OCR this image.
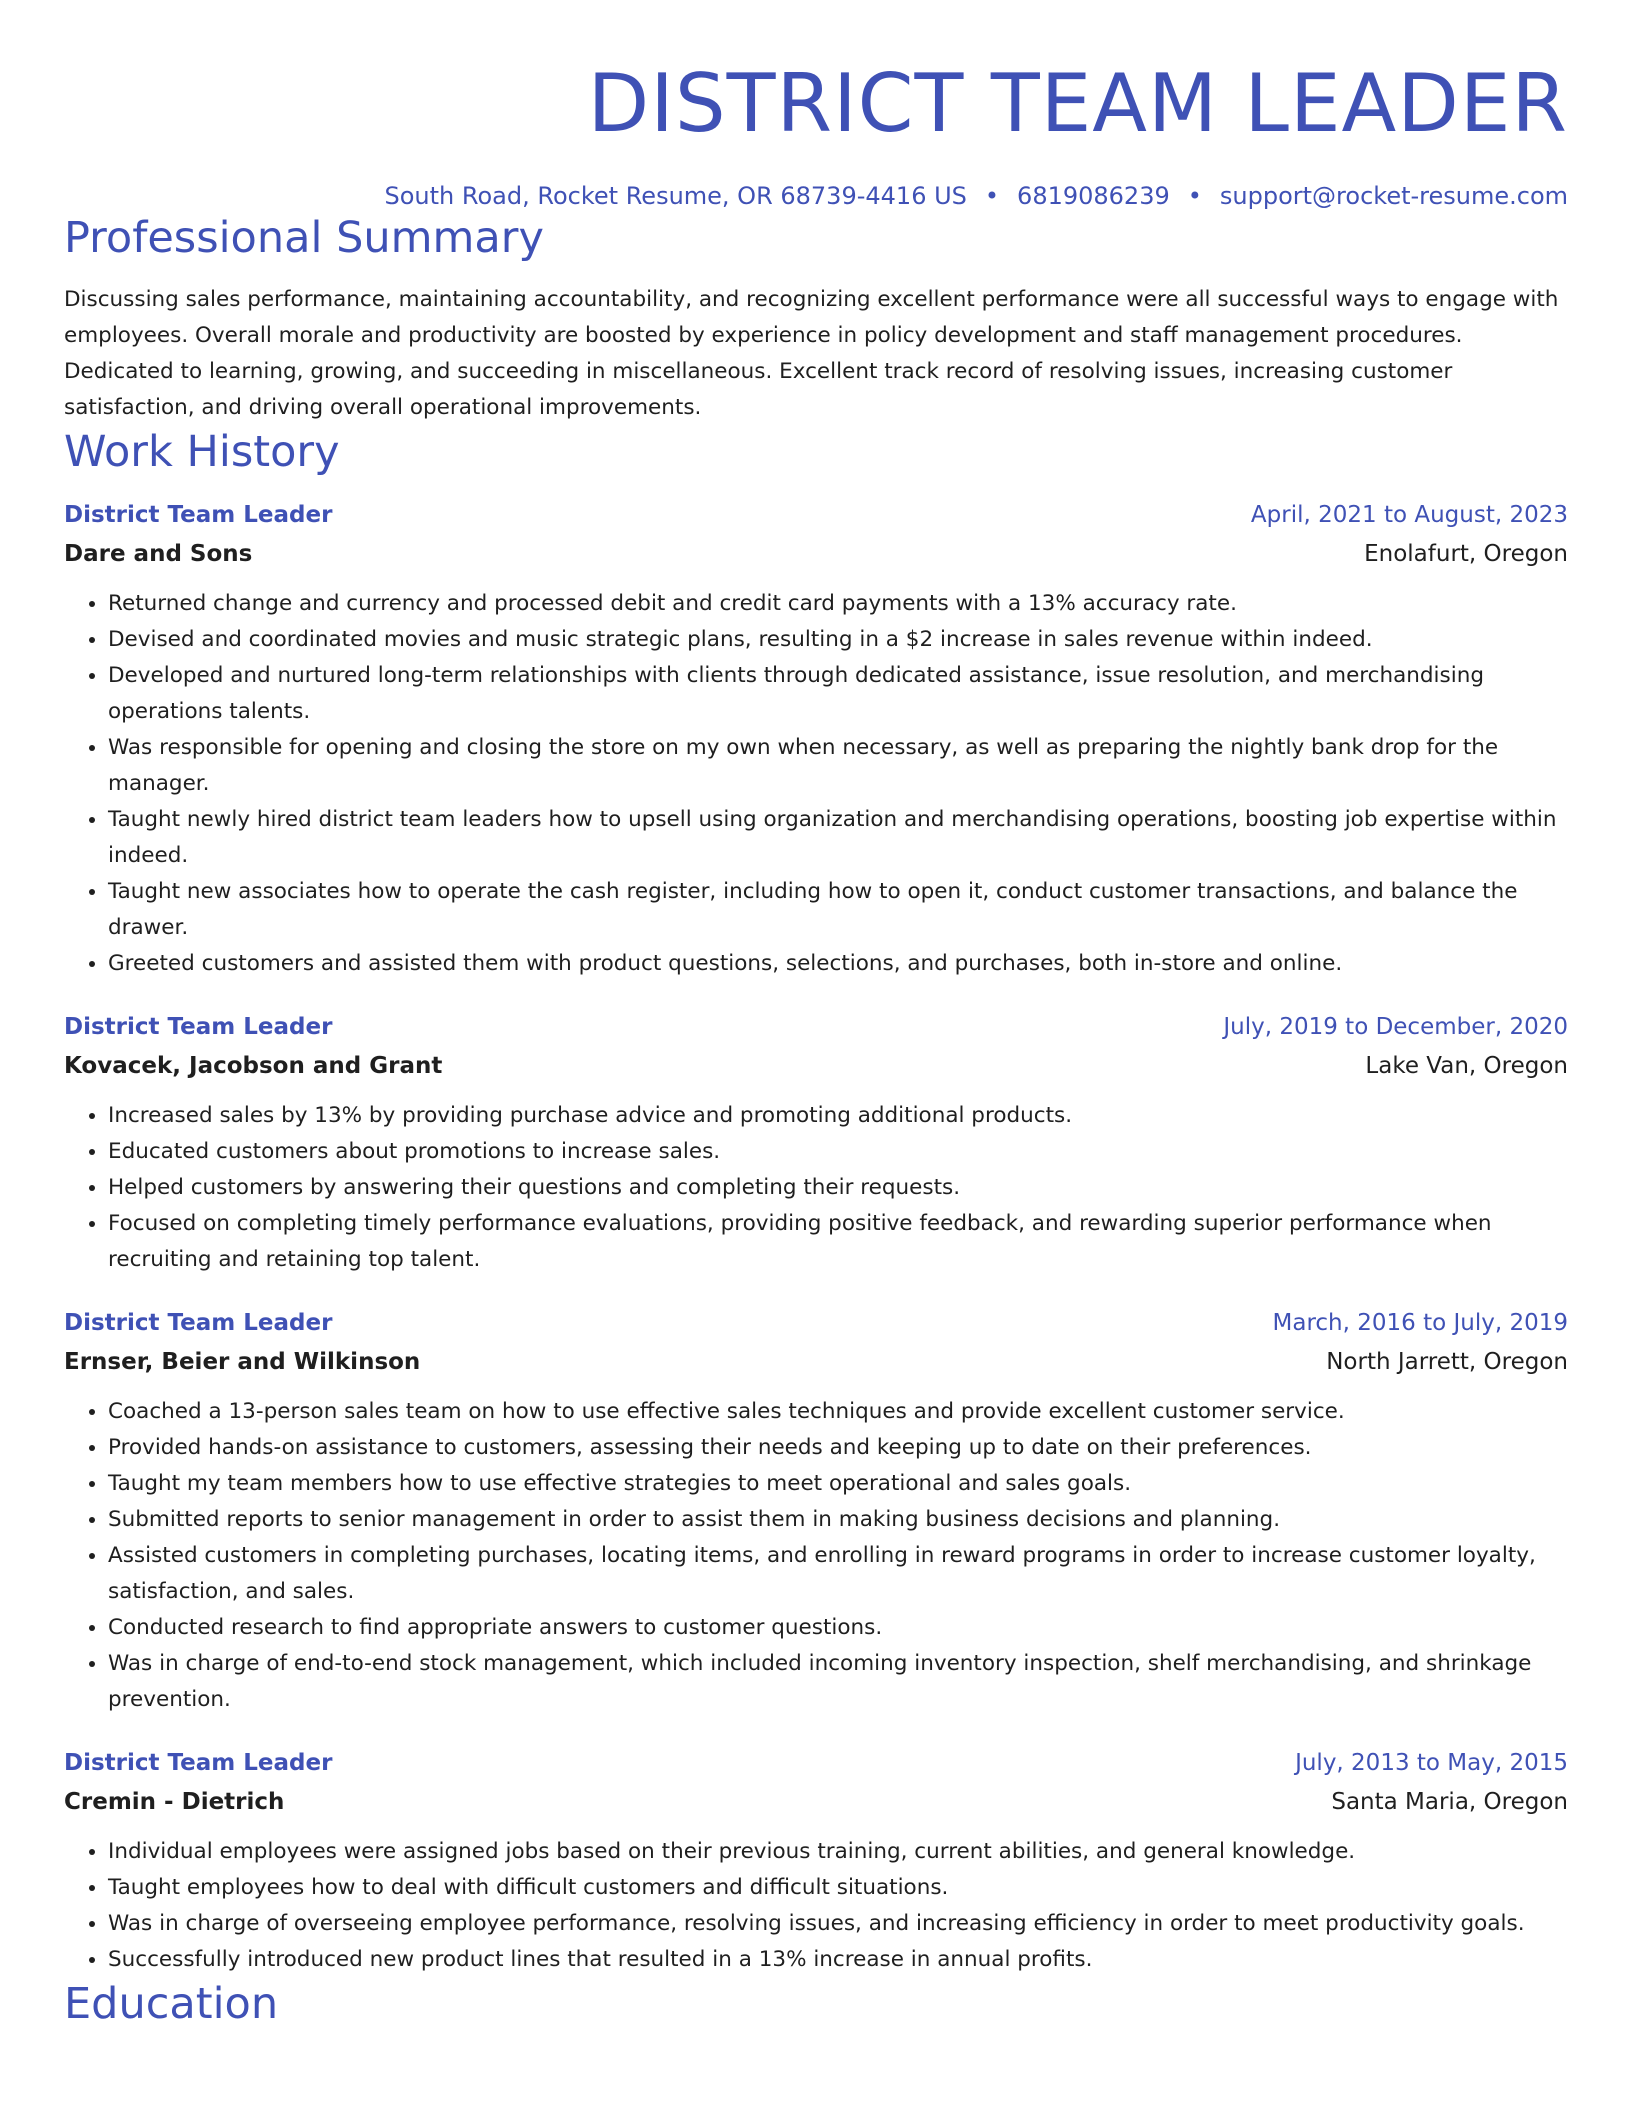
DISTRICT TEAM LEADER
South Road, Rocket Resume, OR 68739-4416 US • 6819086239 • support@rocket-resume.com
Professional Summary
Discussing sales performance, maintaining accountability, and recognizing excellent performance were all successful ways to engage with employees. Overall morale and productivity are boosted by experience in policy development and staff management procedures. Dedicated to learning, growing, and succeeding in miscellaneous. Excellent track record of resolving issues, increasing customer satisfaction, and driving overall operational improvements.
Work History
District Team Leader	April, 2021 to August, 2023
Dare and Sons	Enolafurt, Oregon
• Returned change and currency and processed debit and credit card payments with a 13% accuracy rate.
• Devised and coordinated movies and music strategic plans, resulting in a $2 increase in sales revenue within indeed.
• Developed and nurtured long-term relationships with clients through dedicated assistance, issue resolution, and merchandising operations talents.
• Was responsible for opening and closing the store on my own when necessary, as well as preparing the nightly bank drop for the manager.
• Taught newly hired district team leaders how to upsell using organization and merchandising operations, boosting job expertise within indeed.
• Taught new associates how to operate the cash register, including how to open it, conduct customer transactions, and balance the drawer.
• Greeted customers and assisted them with product questions, selections, and purchases, both in-store and online.
District Team Leader	July, 2019 to December, 2020
Kovacek, Jacobson and Grant	Lake Van, Oregon
• Increased sales by 13% by providing purchase advice and promoting additional products.
• Educated customers about promotions to increase sales.
• Helped customers by answering their questions and completing their requests.
• Focused on completing timely performance evaluations, providing positive feedback, and rewarding superior performance when recruiting and retaining top talent.
District Team Leader	March, 2016 to July, 2019
Ernser, Beier and Wilkinson	North Jarrett, Oregon
• Coached a 13-person sales team on how to use effective sales techniques and provide excellent customer service.
• Provided hands-on assistance to customers, assessing their needs and keeping up to date on their preferences.
• Taught my team members how to use effective strategies to meet operational and sales goals.
• Submitted reports to senior management in order to assist them in making business decisions and planning.
• Assisted customers in completing purchases, locating items, and enrolling in reward programs in order to increase customer loyalty, satisfaction, and sales.
• Conducted research to find appropriate answers to customer questions.
• Was in charge of end-to-end stock management, which included incoming inventory inspection, shelf merchandising, and shrinkage prevention.
District Team Leader	July, 2013 to May, 2015
Cremin - Dietrich	Santa Maria, Oregon
• Individual employees were assigned jobs based on their previous training, current abilities, and general knowledge.
• Taught employees how to deal with difficult customers and difficult situations.
• Was in charge of overseeing employee performance, resolving issues, and increasing efficiency in order to meet productivity goals.
• Successfully introduced new product lines that resulted in a 13% increase in annual profits.
Education
